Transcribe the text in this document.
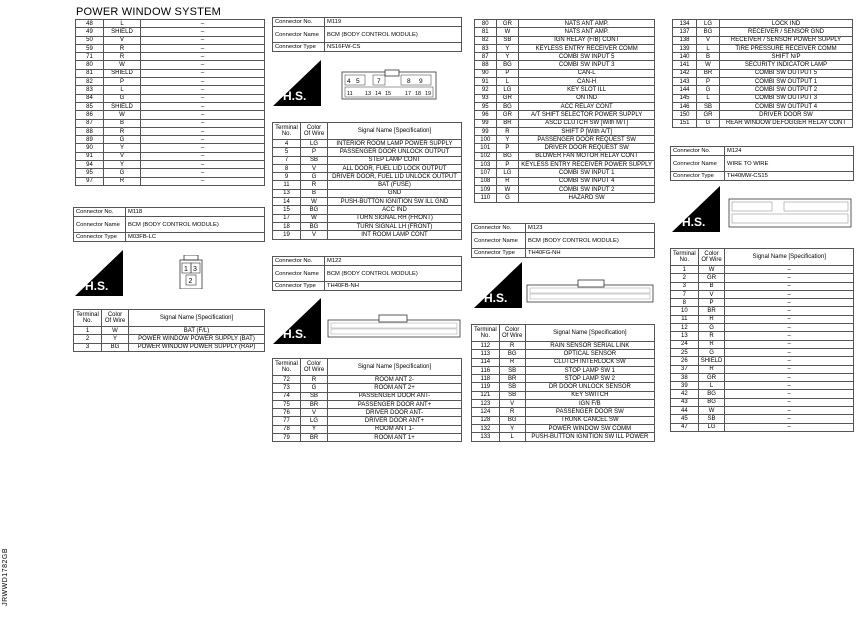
POWER WINDOW SYSTEM
48	L	–
49	SHIELD	–
50	V	–
59	R	–
71	R	–
80	W	–
81	SHIELD	–
82	P	–
83	L	–
84	G	–
85	SHIELD	–
86	W	–
87	B	–
88	R	–
89	G	–
90	Y	–
91	V	–
94	Y	–
95	G	–
97	R	–
Connector No.	M118
Connector Name	BCM (BODY CONTROL MODULE)
Connector Type	M03FB-LC
H.S.
1 3
2
Terminal No.	Color Of Wire	Signal Name [Specification]
1	W	BAT (F/L)
2	Y	POWER WINDOW POWER SUPPLY (BAT)
3	BG	POWER WINDOW POWER SUPPLY (RAP)
Connector No.	M119
Connector Name	BCM (BODY CONTROL MODULE)
Connector Type	NS16FW-CS
H.S.
4 5	7	8 9
11 13 14 15	17 18 19
Terminal No.	Color Of Wire	Signal Name [Specification]
4	LG	INTERIOR ROOM LAMP POWER SUPPLY
5	P	PASSENGER DOOR UNLOCK OUTPUT
7	SB	STEP LAMP CONT
8	V	ALL DOOR, FUEL LID LOCK OUTPUT
9	G	DRIVER DOOR, FUEL LID UNLOCK OUTPUT
11	R	BAT (FUSE)
13	B	GND
14	W	PUSH-BUTTON IGNITION SW ILL GND
15	BG	ACC IND
17	W	TURN SIGNAL RH (FRONT)
18	BG	TURN SIGNAL LH (FRONT)
19	V	INT ROOM LAMP CONT
Connector No.	M122
Connector Name	BCM (BODY CONTROL MODULE)
Connector Type	TH40FB-NH
H.S.
Terminal No.	Color Of Wire	Signal Name [Specification]
72	R	ROOM ANT 2-
73	G	ROOM ANT 2+
74	SB	PASSENGER DOOR ANT-
75	BR	PASSENGER DOOR ANT+
76	V	DRIVER DOOR ANT-
77	LG	DRIVER DOOR ANT+
78	Y	ROOM ANT 1-
79	BR	ROOM ANT 1+
80	GR	NATS ANT AMP.
81	W	NATS ANT AMP.
82	SB	IGN RELAY (F/B) CONT
83	Y	KEYLESS ENTRY RECEIVER COMM
87	Y	COMBI SW INPUT 5
88	BG	COMBI SW INPUT 3
90	P	CAN-L
91	L	CAN-H
92	LG	KEY SLOT ILL
93	GR	ON IND
95	BG	ACC RELAY CONT
96	GR	A/T SHIFT SELECTOR POWER SUPPLY
99	BR	ASCD CLUTCH SW [With M/T]
99	R	SHIFT P [With A/T]
100	Y	PASSENGER DOOR REQUEST SW
101	P	DRIVER DOOR REQUEST SW
102	BG	BLOWER FAN MOTOR RELAY CONT
103	P	KEYLESS ENTRY RECEIVER POWER SUPPLY
107	LG	COMBI SW INPUT 1
108	R	COMBI SW INPUT 4
109	W	COMBI SW INPUT 2
110	G	HAZARD SW
Connector No.	M123
Connector Name	BCM (BODY CONTROL MODULE)
Connector Type	TH40FG-NH
H.S.
Terminal No.	Color Of Wire	Signal Name [Specification]
112	R	RAIN SENSOR SERIAL LINK
113	BG	OPTICAL SENSOR
114	R	CLUTCH INTERLOCK SW
116	SB	STOP LAMP SW 1
118	BR	STOP LAMP SW 2
119	SB	DR DOOR UNLOCK SENSOR
121	SB	KEY SWITCH
123	V	IGN F/B
124	R	PASSENGER DOOR SW
128	BG	TRUNK CANCEL SW
132	Y	POWER WINDOW SW COMM
133	L	PUSH-BUTTON IGNITION SW ILL POWER
134	LG	LOCK IND
137	BG	RECEIVER / SENSOR GND
138	V	RECEIVER / SENSOR POWER SUPPLY
139	L	TIRE PRESSURE RECEIVER COMM
140	B	SHIFT N/P
141	W	SECURITY INDICATOR LAMP
142	BR	COMBI SW OUTPUT 5
143	P	COMBI SW OUTPUT 1
144	G	COMBI SW OUTPUT 2
145	L	COMBI SW OUTPUT 3
146	SB	COMBI SW OUTPUT 4
150	GR	DRIVER DOOR SW
151	G	REAR WINDOW DEFOGGER RELAY CONT
Connector No.	M124
Connector Name	WIRE TO WIRE
Connector Type	TH40MW-CS15
H.S.
Terminal No.	Color Of Wire	Signal Name [Specification]
1	W	–
2	GR	–
3	B	–
7	V	–
8	P	–
10	BR	–
11	R	–
12	G	–
13	R	–
24	R	–
25	G	–
26	SHIELD	–
37	R	–
38	GR	–
39	L	–
42	BG	–
43	BG	–
44	W	–
45	SB	–
47	LG	–
JRWWD1782GB
